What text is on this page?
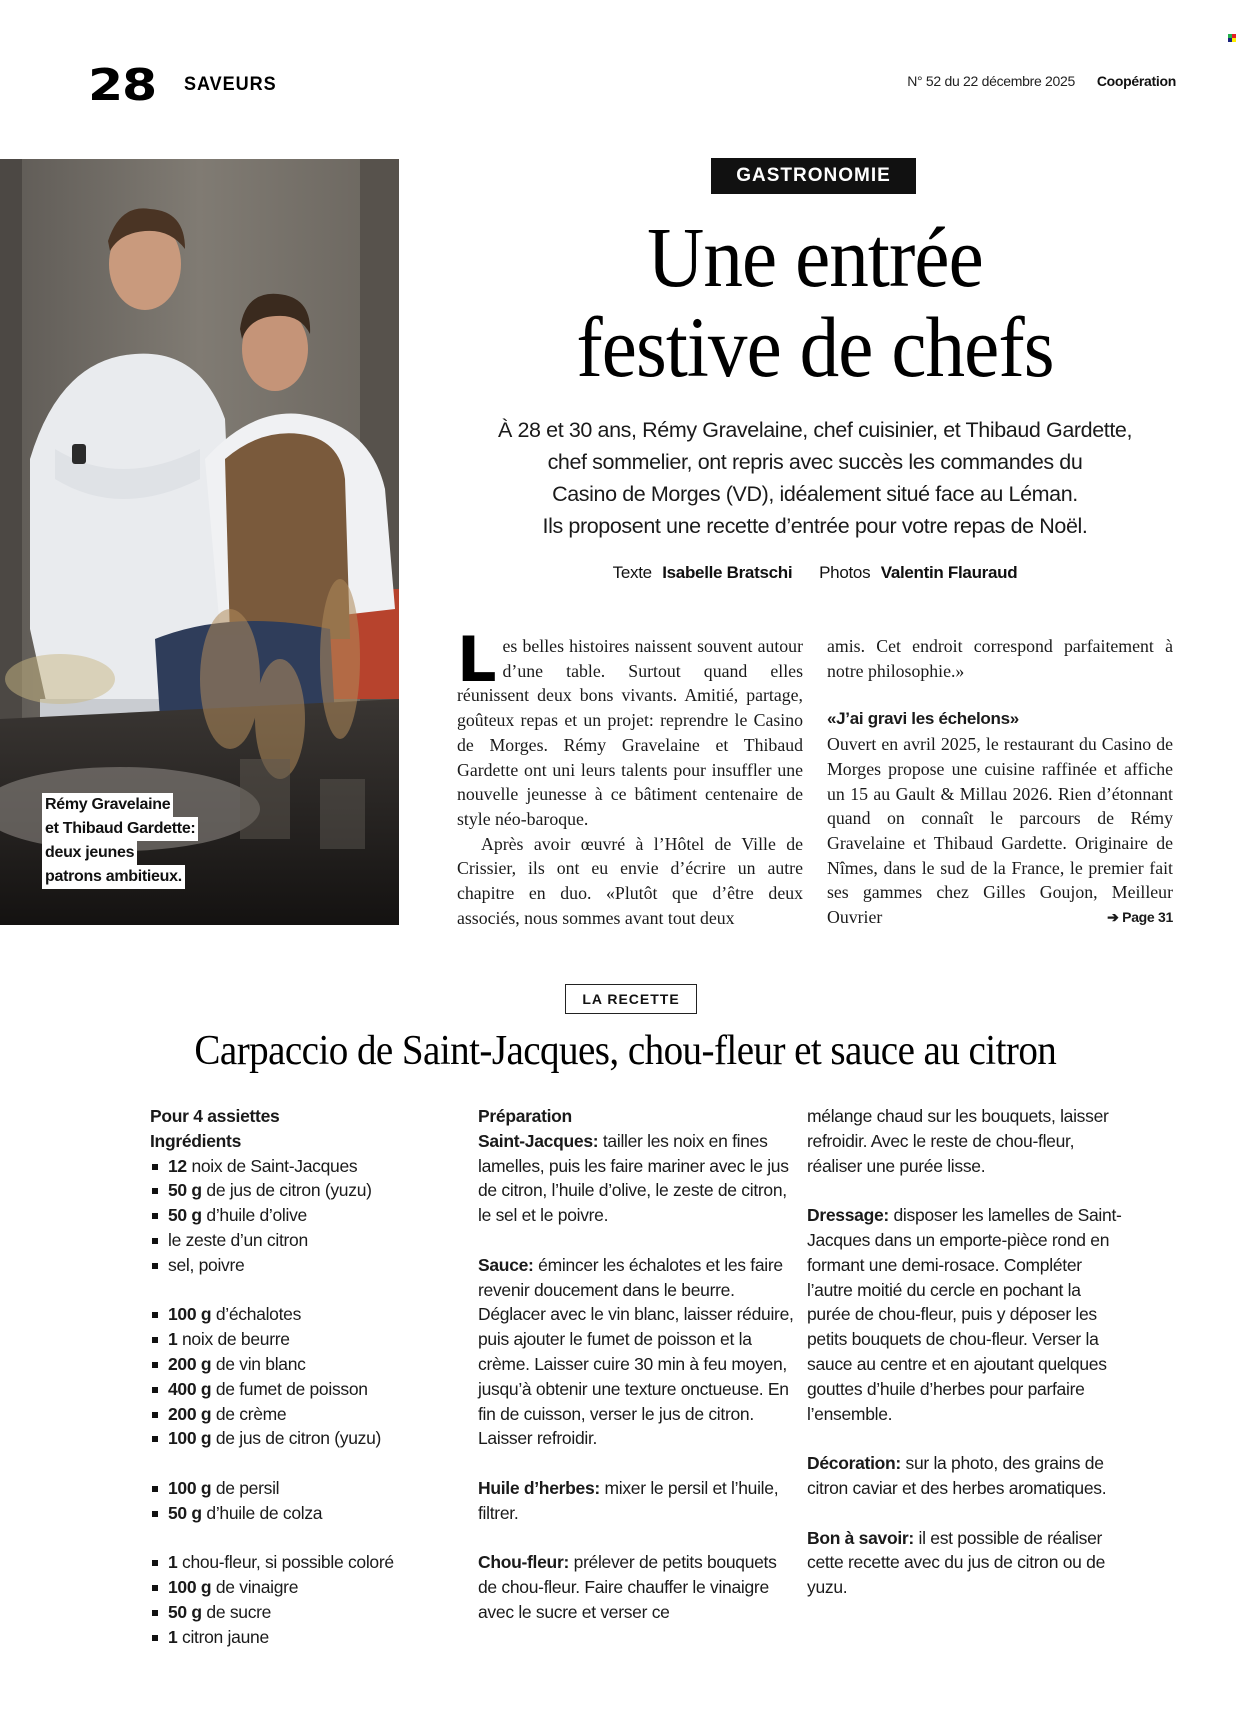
28 SAVEURS	N° 52 du 22 décembre 2025 Coopération
Rémy Gravelaine
et Thibaud Gardette:
deux jeunes
patrons ambitieux.
GASTRONOMIE
Une entrée
festive de chefs
À 28 et 30 ans, Rémy Gravelaine, chef cuisinier, et Thibaud Gardette,
chef sommelier, ont repris avec succès les commandes du
Casino de Morges (VD), idéalement situé face au Léman.
Ils proposent une recette d’entrée pour votre repas de Noël.
Texte Isabelle Bratschi Photos Valentin Flauraud

L es belles histoires naissent souvent autour d’une table. Surtout quand elles réunissent deux bons vivants. Amitié, partage, goûteux repas et un projet: reprendre le Casino de Morges. Rémy Gravelaine et Thibaud Gardette ont uni leurs talents pour insuffler une nouvelle jeunesse à ce bâtiment centenaire de style néo-baroque.

Après avoir œuvré à l’Hôtel de Ville de Crissier, ils ont eu envie d’écrire un autre chapitre en duo. «Plutôt que d’être deux associés, nous sommes avant tout deux

amis. Cet endroit correspond parfaitement à notre philosophie.»

«J’ai gravi les échelons»

Ouvert en avril 2025, le restaurant du Casino de Morges propose une cuisine raffinée et affiche un 15 au Gault & Millau 2026. Rien d’étonnant quand on connaît le parcours de Rémy Gravelaine et Thibaud Gardette. Originaire de Nîmes, dans le sud de la France, le premier fait ses gammes chez Gilles Goujon, Meilleur Ouvrier	➔ Page 31

LA RECETTE
Carpaccio de Saint-Jacques, chou-fleur et sauce au citron
Pour 4 assiettes
Ingrédients
12 noix de Saint-Jacques
50 g de jus de citron (yuzu)
50 g d’huile d’olive
le zeste d’un citron
sel, poivre
100 g d’échalotes
1 noix de beurre
200 g de vin blanc
400 g de fumet de poisson
200 g de crème
100 g de jus de citron (yuzu)
100 g de persil
50 g d’huile de colza
1 chou-fleur, si possible coloré
100 g de vinaigre
50 g de sucre
1 citron jaune
Préparation

Saint-Jacques: tailler les noix en fines lamelles, puis les faire mariner avec le jus de citron, l’huile d’olive, le zeste de citron, le sel et le poivre.

Sauce: émincer les échalotes et les faire revenir doucement dans le beurre. Déglacer avec le vin blanc, laisser réduire, puis ajouter le fumet de poisson et la crème. Laisser cuire 30 min à feu moyen, jusqu’à obtenir une texture onctueuse. En fin de cuisson, verser le jus de citron. Laisser refroidir.

Huile d’herbes: mixer le persil et l’huile, filtrer.

Chou-fleur: prélever de petits bouquets de chou-fleur. Faire chauffer le vinaigre avec le sucre et verser ce

mélange chaud sur les bouquets, laisser refroidir. Avec le reste de chou-fleur, réaliser une purée lisse.

Dressage: disposer les lamelles de Saint-Jacques dans un emporte-pièce rond en formant une demi-rosace. Compléter l’autre moitié du cercle en pochant la purée de chou-fleur, puis y déposer les petits bouquets de chou-fleur. Verser la sauce au centre et en ajoutant quelques gouttes d’huile d’herbes pour parfaire l’ensemble.

Décoration: sur la photo, des grains de citron caviar et des herbes aromatiques.

Bon à savoir: il est possible de réaliser cette recette avec du jus de citron ou de yuzu.
